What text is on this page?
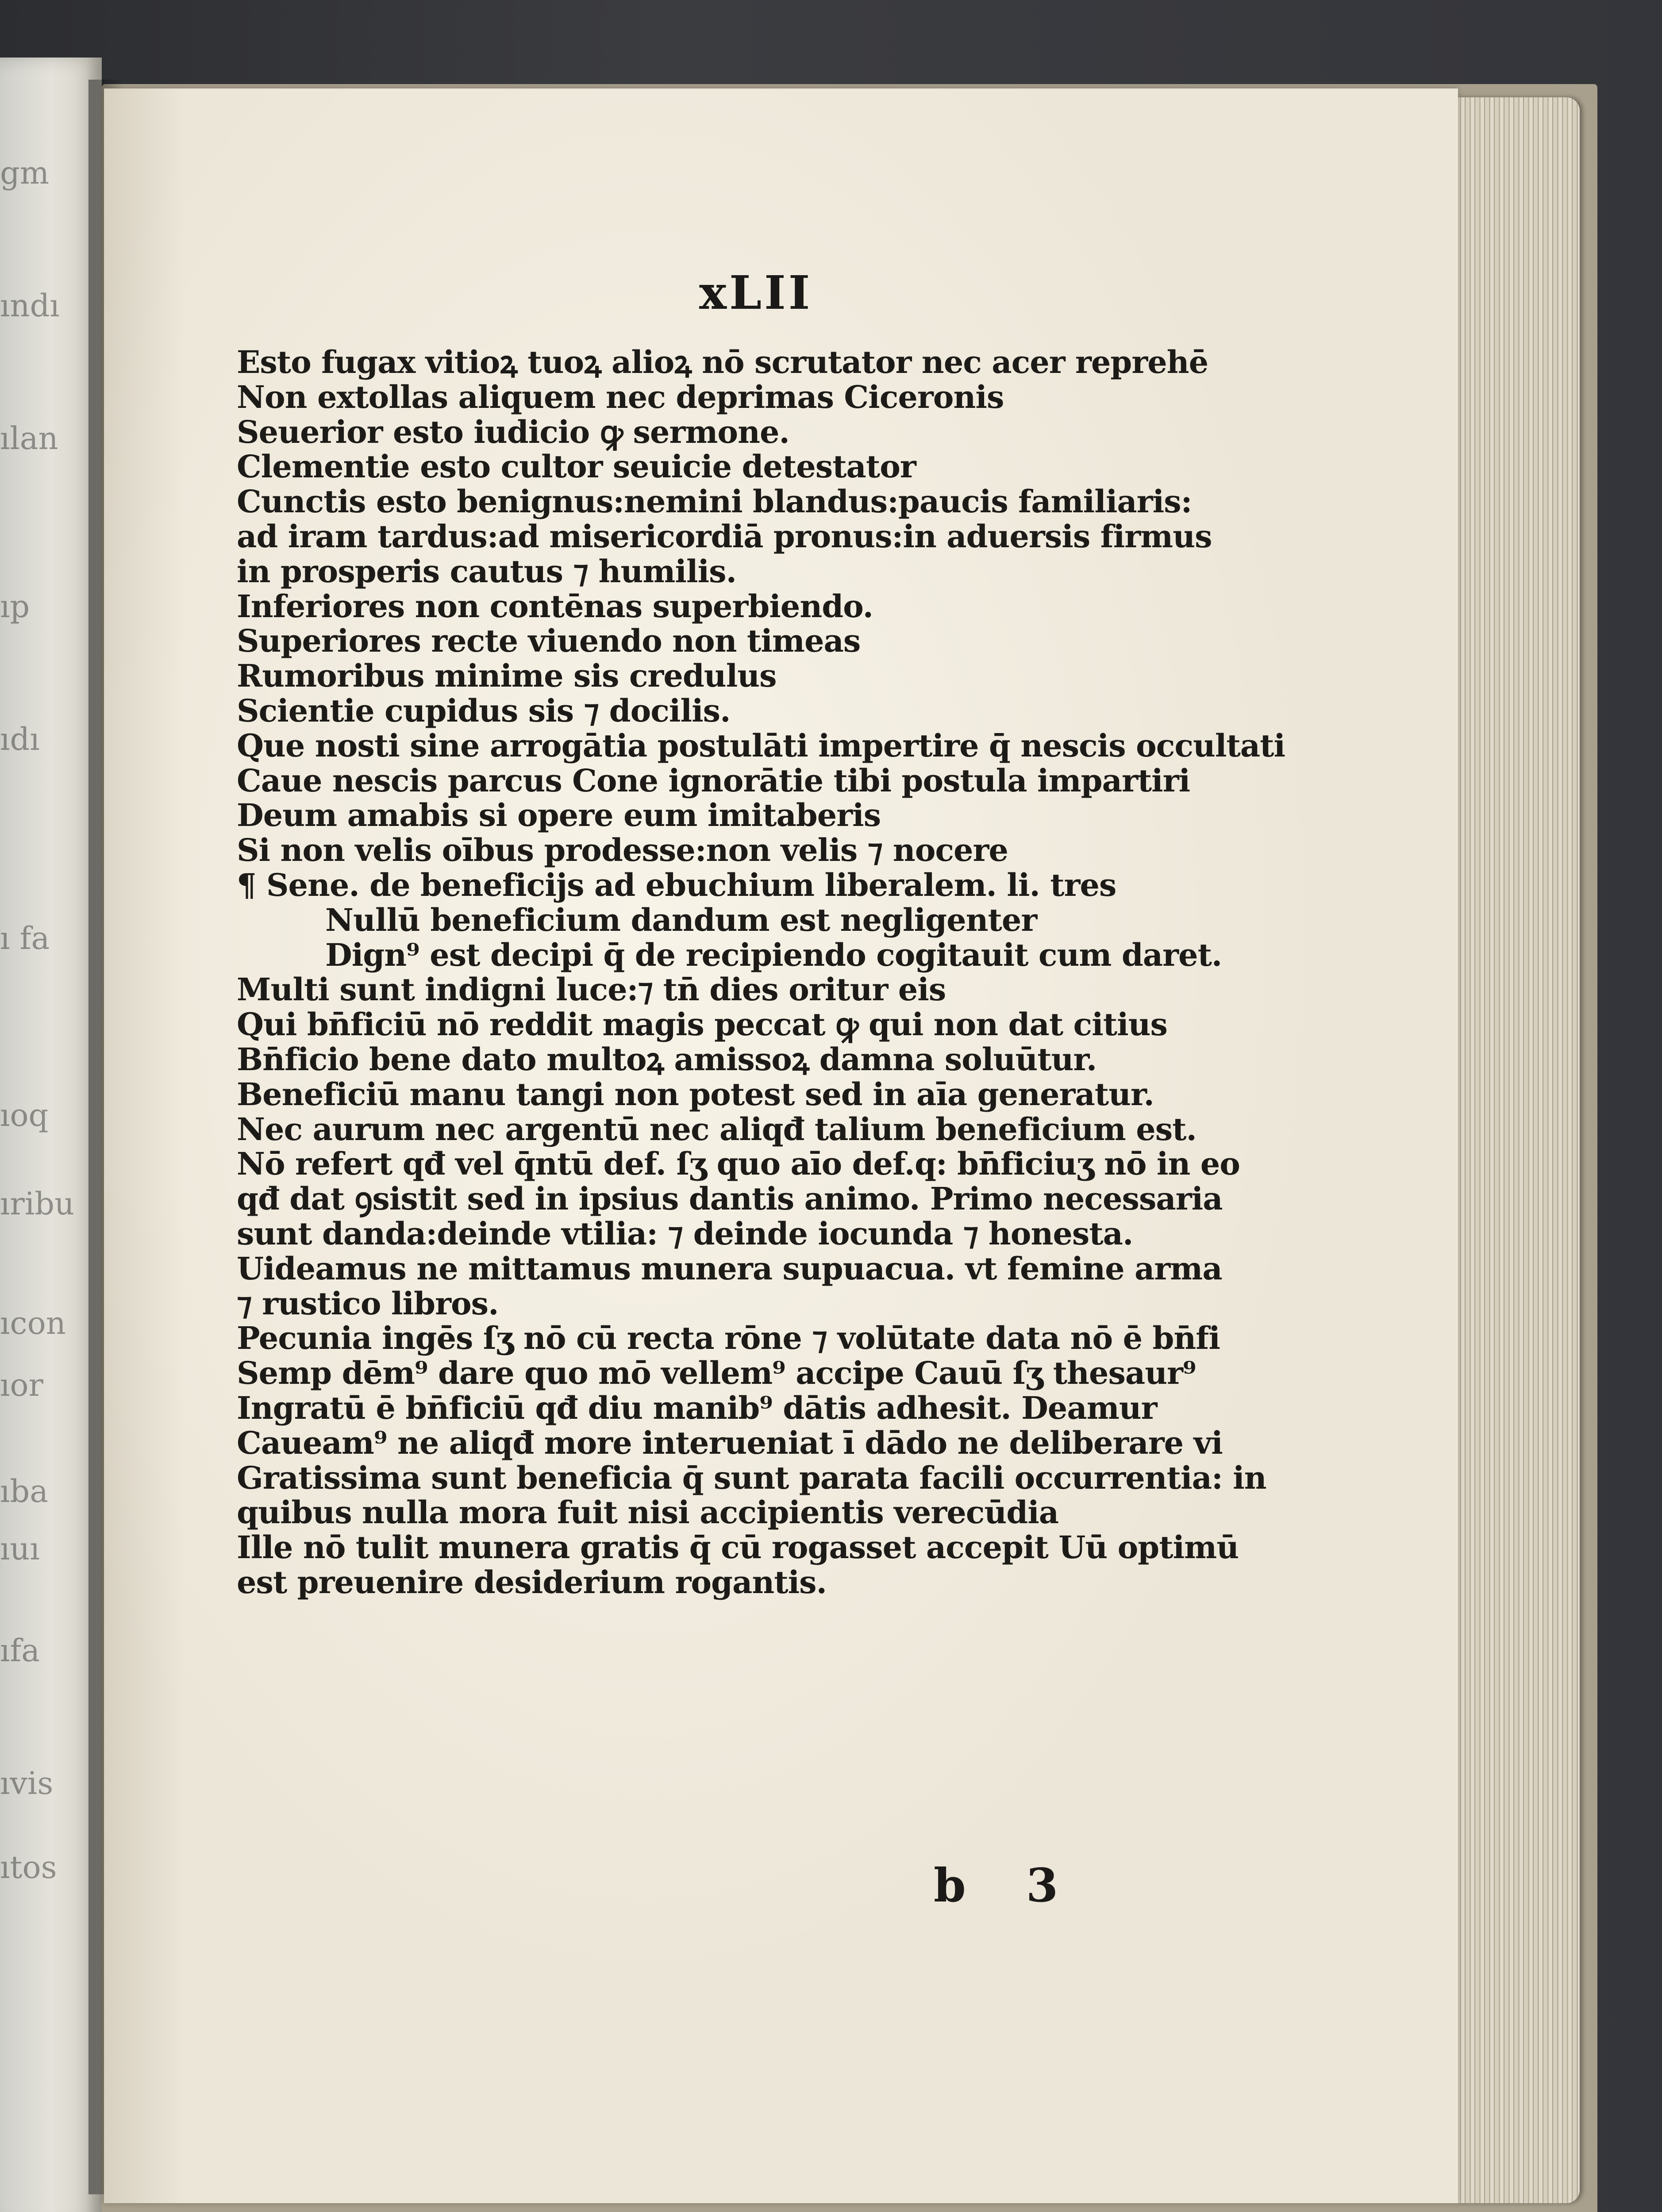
gm
ındı
ılan
ıp
ıdı
ı fa
ıoq
ıribu
ıcon
ıor
ıba
ıuı
ıfa
ıvis
ıtos
xLII
Esto fugax vitioꝝ tuoꝝ alioꝝ nō scrutator nec acer reprehē
Non extollas aliquem nec deprimas Ciceronis
Seuerior esto iudicio ꝙ sermone.
Clementie esto cultor seuicie detestator
Cunctis esto benignus:nemini blandus:paucis familiaris:
ad iram tardus:ad misericordiā pronus:in aduersis firmus
in prosperis cautus ⁊ humilis.
Inferiores non contēnas superbiendo.
Superiores recte viuendo non timeas
Rumoribus minime sis credulus
Scientie cupidus sis ⁊ docilis.
Que nosti sine arrogātia postulāti impertire q̄ nescis occultati
Caue nescis parcus Cone ignorātie tibi postula impartiri
Deum amabis si opere eum imitaberis
Si non velis oībus prodesse:non velis ⁊ nocere
¶ Sene. de beneficijs ad ebuchium liberalem. li. tres
Nullū beneficium dandum est negligenter
Dign⁹ est decipi q̄ de recipiendo cogitauit cum daret.
Multi sunt indigni luce:⁊ tn̄ dies oritur eis
Qui bn̄ficiū nō reddit magis peccat ꝙ qui non dat citius
Bn̄ficio bene dato multoꝝ amissoꝝ damna soluūtur.
Beneficiū manu tangi non potest sed in aīa generatur.
Nec aurum nec argentū nec aliqđ talium beneficium est.
Nō refert qđ vel q̄ntū def. ſʒ quo aīo def.q: bn̄ficiuʒ nō in eo
qđ dat ꝯsistit sed in ipsius dantis animo. Primo necessaria
sunt danda:deinde vtilia: ⁊ deinde iocunda ⁊ honesta.
Uideamus ne mittamus munera supuacua. vt femine arma
⁊ rustico libros.
Pecunia ingēs ſʒ nō cū recta rōne ⁊ volūtate data nō ē bn̄fi
Semp dēm⁹ dare quo mō vellem⁹ accipe Cauū ſʒ thesaur⁹
Ingratū ē bn̄ficiū qđ diu manib⁹ dātis adhesit. Deamur
Caueam⁹ ne aliqđ more interueniat ī dādo ne deliberare vi
Gratissima sunt beneficia q̄ sunt parata facili occurrentia: in
quibus nulla mora fuit nisi accipientis verecūdia
Ille nō tulit munera gratis q̄ cū rogasset accepit Uū optimū
est preuenire desiderium rogantis.
b 3
